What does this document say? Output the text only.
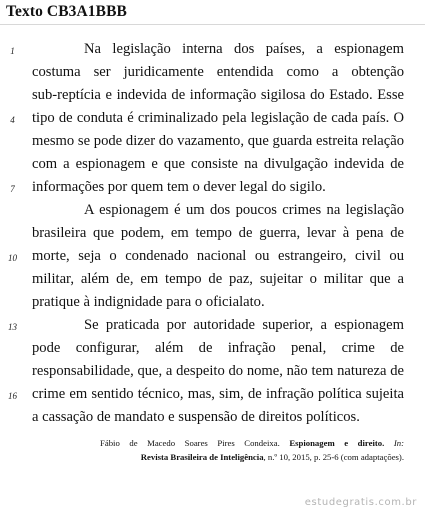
Texto CB3A1BBB
1
4
7
10
13
16
Na legislação interna dos países, a espionagem
costuma ser juridicamente entendida como a obtenção
sub-reptícia e indevida de informação sigilosa do Estado. Esse
tipo de conduta é criminalizado pela legislação de cada país. O
mesmo se pode dizer do vazamento, que guarda estreita relação
com a espionagem e que consiste na divulgação indevida de
informações por quem tem o dever legal do sigilo.
A espionagem é um dos poucos crimes na legislação
brasileira que podem, em tempo de guerra, levar à pena de
morte, seja o condenado nacional ou estrangeiro, civil ou
militar, além de, em tempo de paz, sujeitar o militar que a
pratique à indignidade para o oficialato.
Se praticada por autoridade superior, a espionagem
pode configurar, além de infração penal, crime de
responsabilidade, que, a despeito do nome, não tem natureza de
crime em sentido técnico, mas, sim, de infração política sujeita
a cassação de mandato e suspensão de direitos políticos.
Fábio de Macedo Soares Pires Condeixa. Espionagem e direito. In:
Revista Brasileira de Inteligência, n.º 10, 2015, p. 25-6 (com adaptações).
estudegratis.com.br
